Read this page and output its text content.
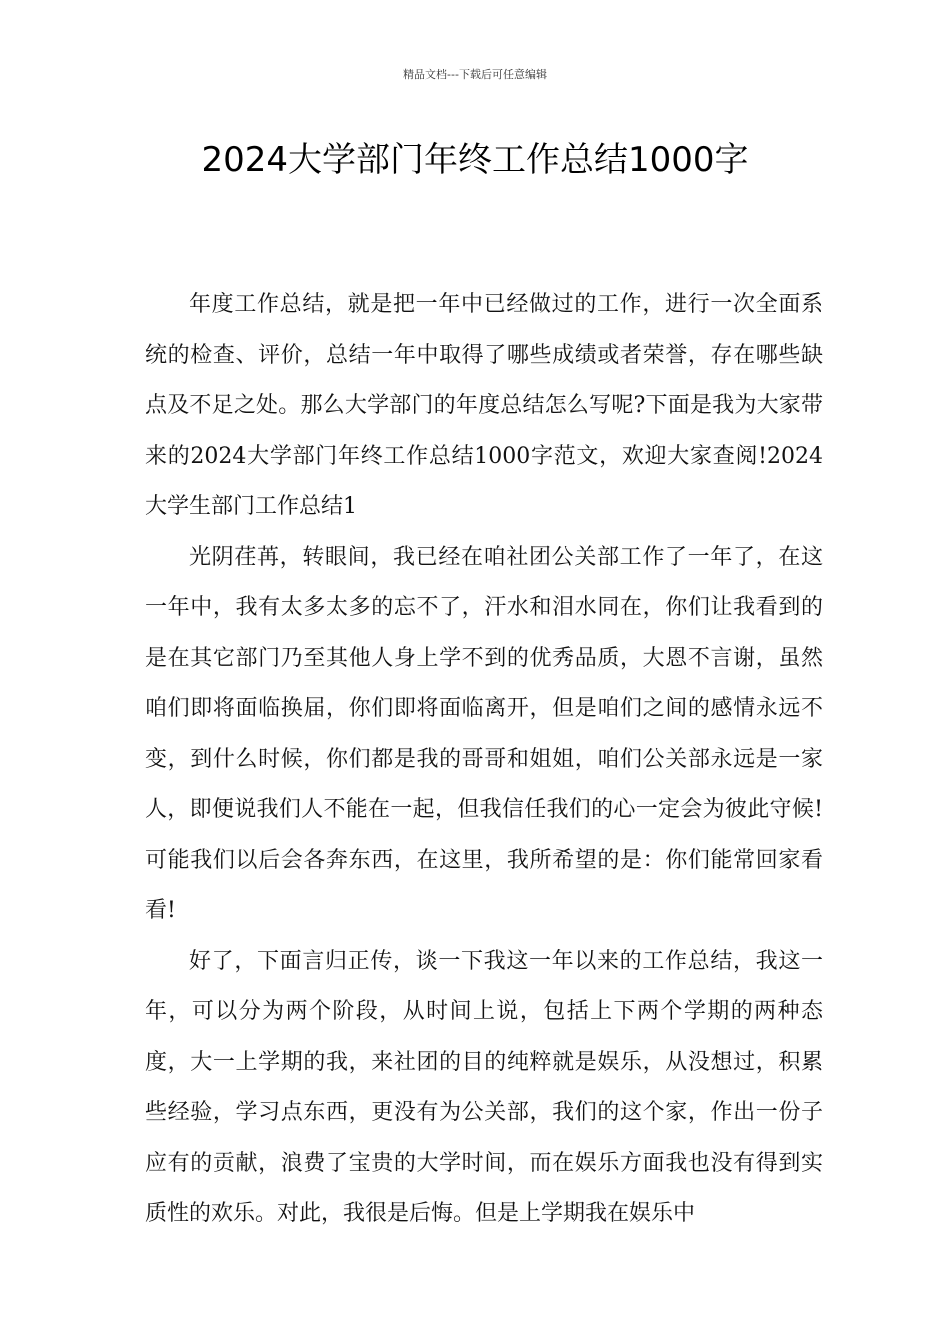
精品文档---下载后可任意编辑
2024大学部门年终工作总结1000字

年度工作总结，就是把一年中已经做过的工作，进行一次全面系统的检查、评价，总结一年中取得了哪些成绩或者荣誉，存在哪些缺点及不足之处。那么大学部门的年度总结怎么写呢?下面是我为大家带来的2024大学部门年终工作总结1000字范文，欢迎大家查阅!2024大学生部门工作总结1

光阴荏苒，转眼间，我已经在咱社团公关部工作了一年了，在这一年中，我有太多太多的忘不了，汗水和泪水同在，你们让我看到的是在其它部门乃至其他人身上学不到的优秀品质，大恩不言谢，虽然咱们即将面临换届，你们即将面临离开，但是咱们之间的感情永远不变，到什么时候，你们都是我的哥哥和姐姐，咱们公关部永远是一家人，即便说我们人不能在一起，但我信任我们的心一定会为彼此守候!可能我们以后会各奔东西，在这里，我所希望的是：你们能常回家看看!

好了，下面言归正传，谈一下我这一年以来的工作总结，我这一年，可以分为两个阶段，从时间上说，包括上下两个学期的两种态度，大一上学期的我，来社团的目的纯粹就是娱乐，从没想过，积累些经验，学习点东西，更没有为公关部，我们的这个家，作出一份子应有的贡献，浪费了宝贵的大学时间，而在娱乐方面我也没有得到实质性的欢乐。对此，我很是后悔。但是上学期我在娱乐中
